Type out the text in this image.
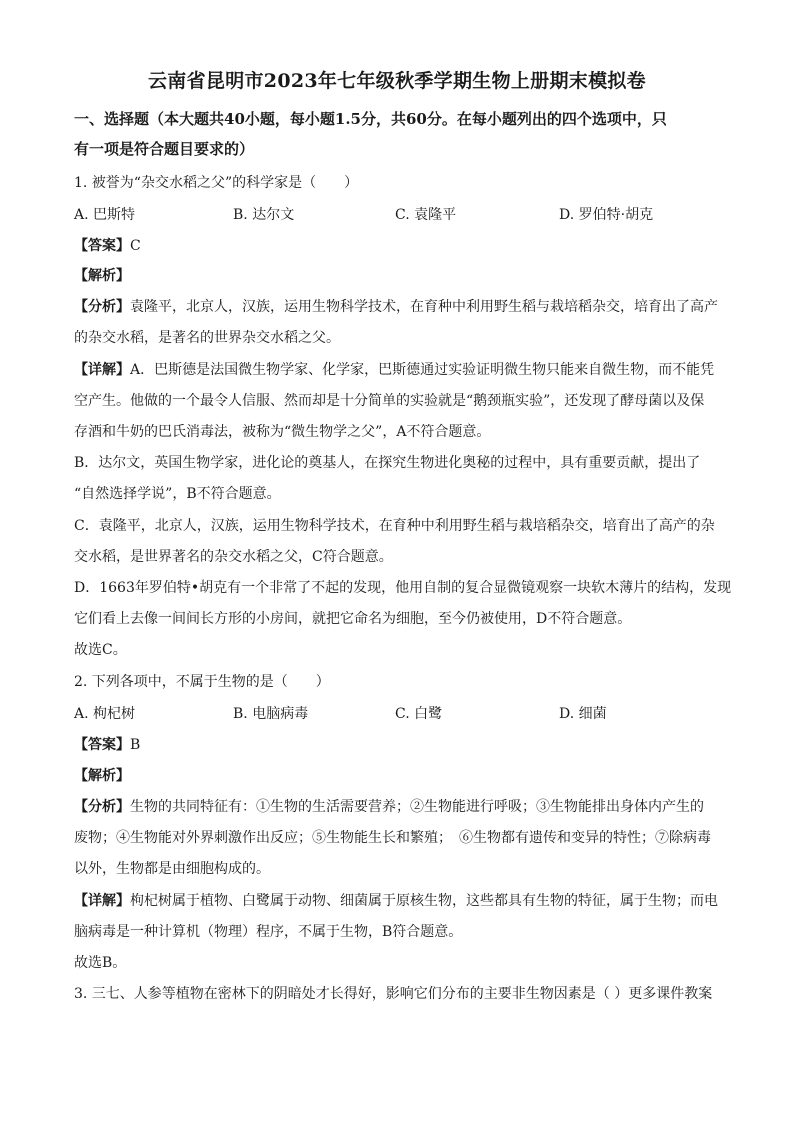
云南省昆明市2023年七年级秋季学期生物上册期末模拟卷
一、选择题（本大题共40小题，每小题1.5分，共60分。在每小题列出的四个选项中，只
有一项是符合题目要求的）
1. 被誉为“杂交水稻之父”的科学家是（　　）
A. 巴斯特	B. 达尔文	C. 袁隆平	D. 罗伯特·胡克
【答案】C
【解析】
【分析】袁隆平，北京人，汉族，运用生物科学技术，在育种中利用野生稻与栽培稻杂交，培育出了高产
的杂交水稻，是著名的世界杂交水稻之父。
【详解】A．巴斯德是法国微生物学家、化学家，巴斯德通过实验证明微生物只能来自微生物，而不能凭
空产生。他做的一个最令人信服、然而却是十分简单的实验就是“鹅颈瓶实验”，还发现了酵母菌以及保
存酒和牛奶的巴氏消毒法，被称为“微生物学之父”，A不符合题意。
B．达尔文，英国生物学家，进化论的奠基人，在探究生物进化奥秘的过程中，具有重要贡献，提出了
“自然选择学说”，B不符合题意。
C．袁隆平，北京人，汉族，运用生物科学技术，在育种中利用野生稻与栽培稻杂交，培育出了高产的杂
交水稻，是世界著名的杂交水稻之父，C符合题意。
D．1663年罗伯特•胡克有一个非常了不起的发现，他用自制的复合显微镜观察一块软木薄片的结构，发现
它们看上去像一间间长方形的小房间，就把它命名为细胞，至今仍被使用，D不符合题意。
故选C。
2. 下列各项中，不属于生物的是（　　）
A. 枸杞树	B. 电脑病毒	C. 白鹭	D. 细菌
【答案】B
【解析】
【分析】生物的共同特征有：①生物的生活需要营养；②生物能进行呼吸；③生物能排出身体内产生的
废物；④生物能对外界刺激作出反应；⑤生物能生长和繁殖；　⑥生物都有遗传和变异的特性；⑦除病毒
以外，生物都是由细胞构成的。
【详解】枸杞树属于植物、白鹭属于动物、细菌属于原核生物，这些都具有生物的特征，属于生物；而电
脑病毒是一种计算机（物理）程序，不属于生物，B符合题意。
故选B。
3. 三七、人参等植物在密林下的阴暗处才长得好，影响它们分布的主要非生物因素是（ ）更多课件教案
